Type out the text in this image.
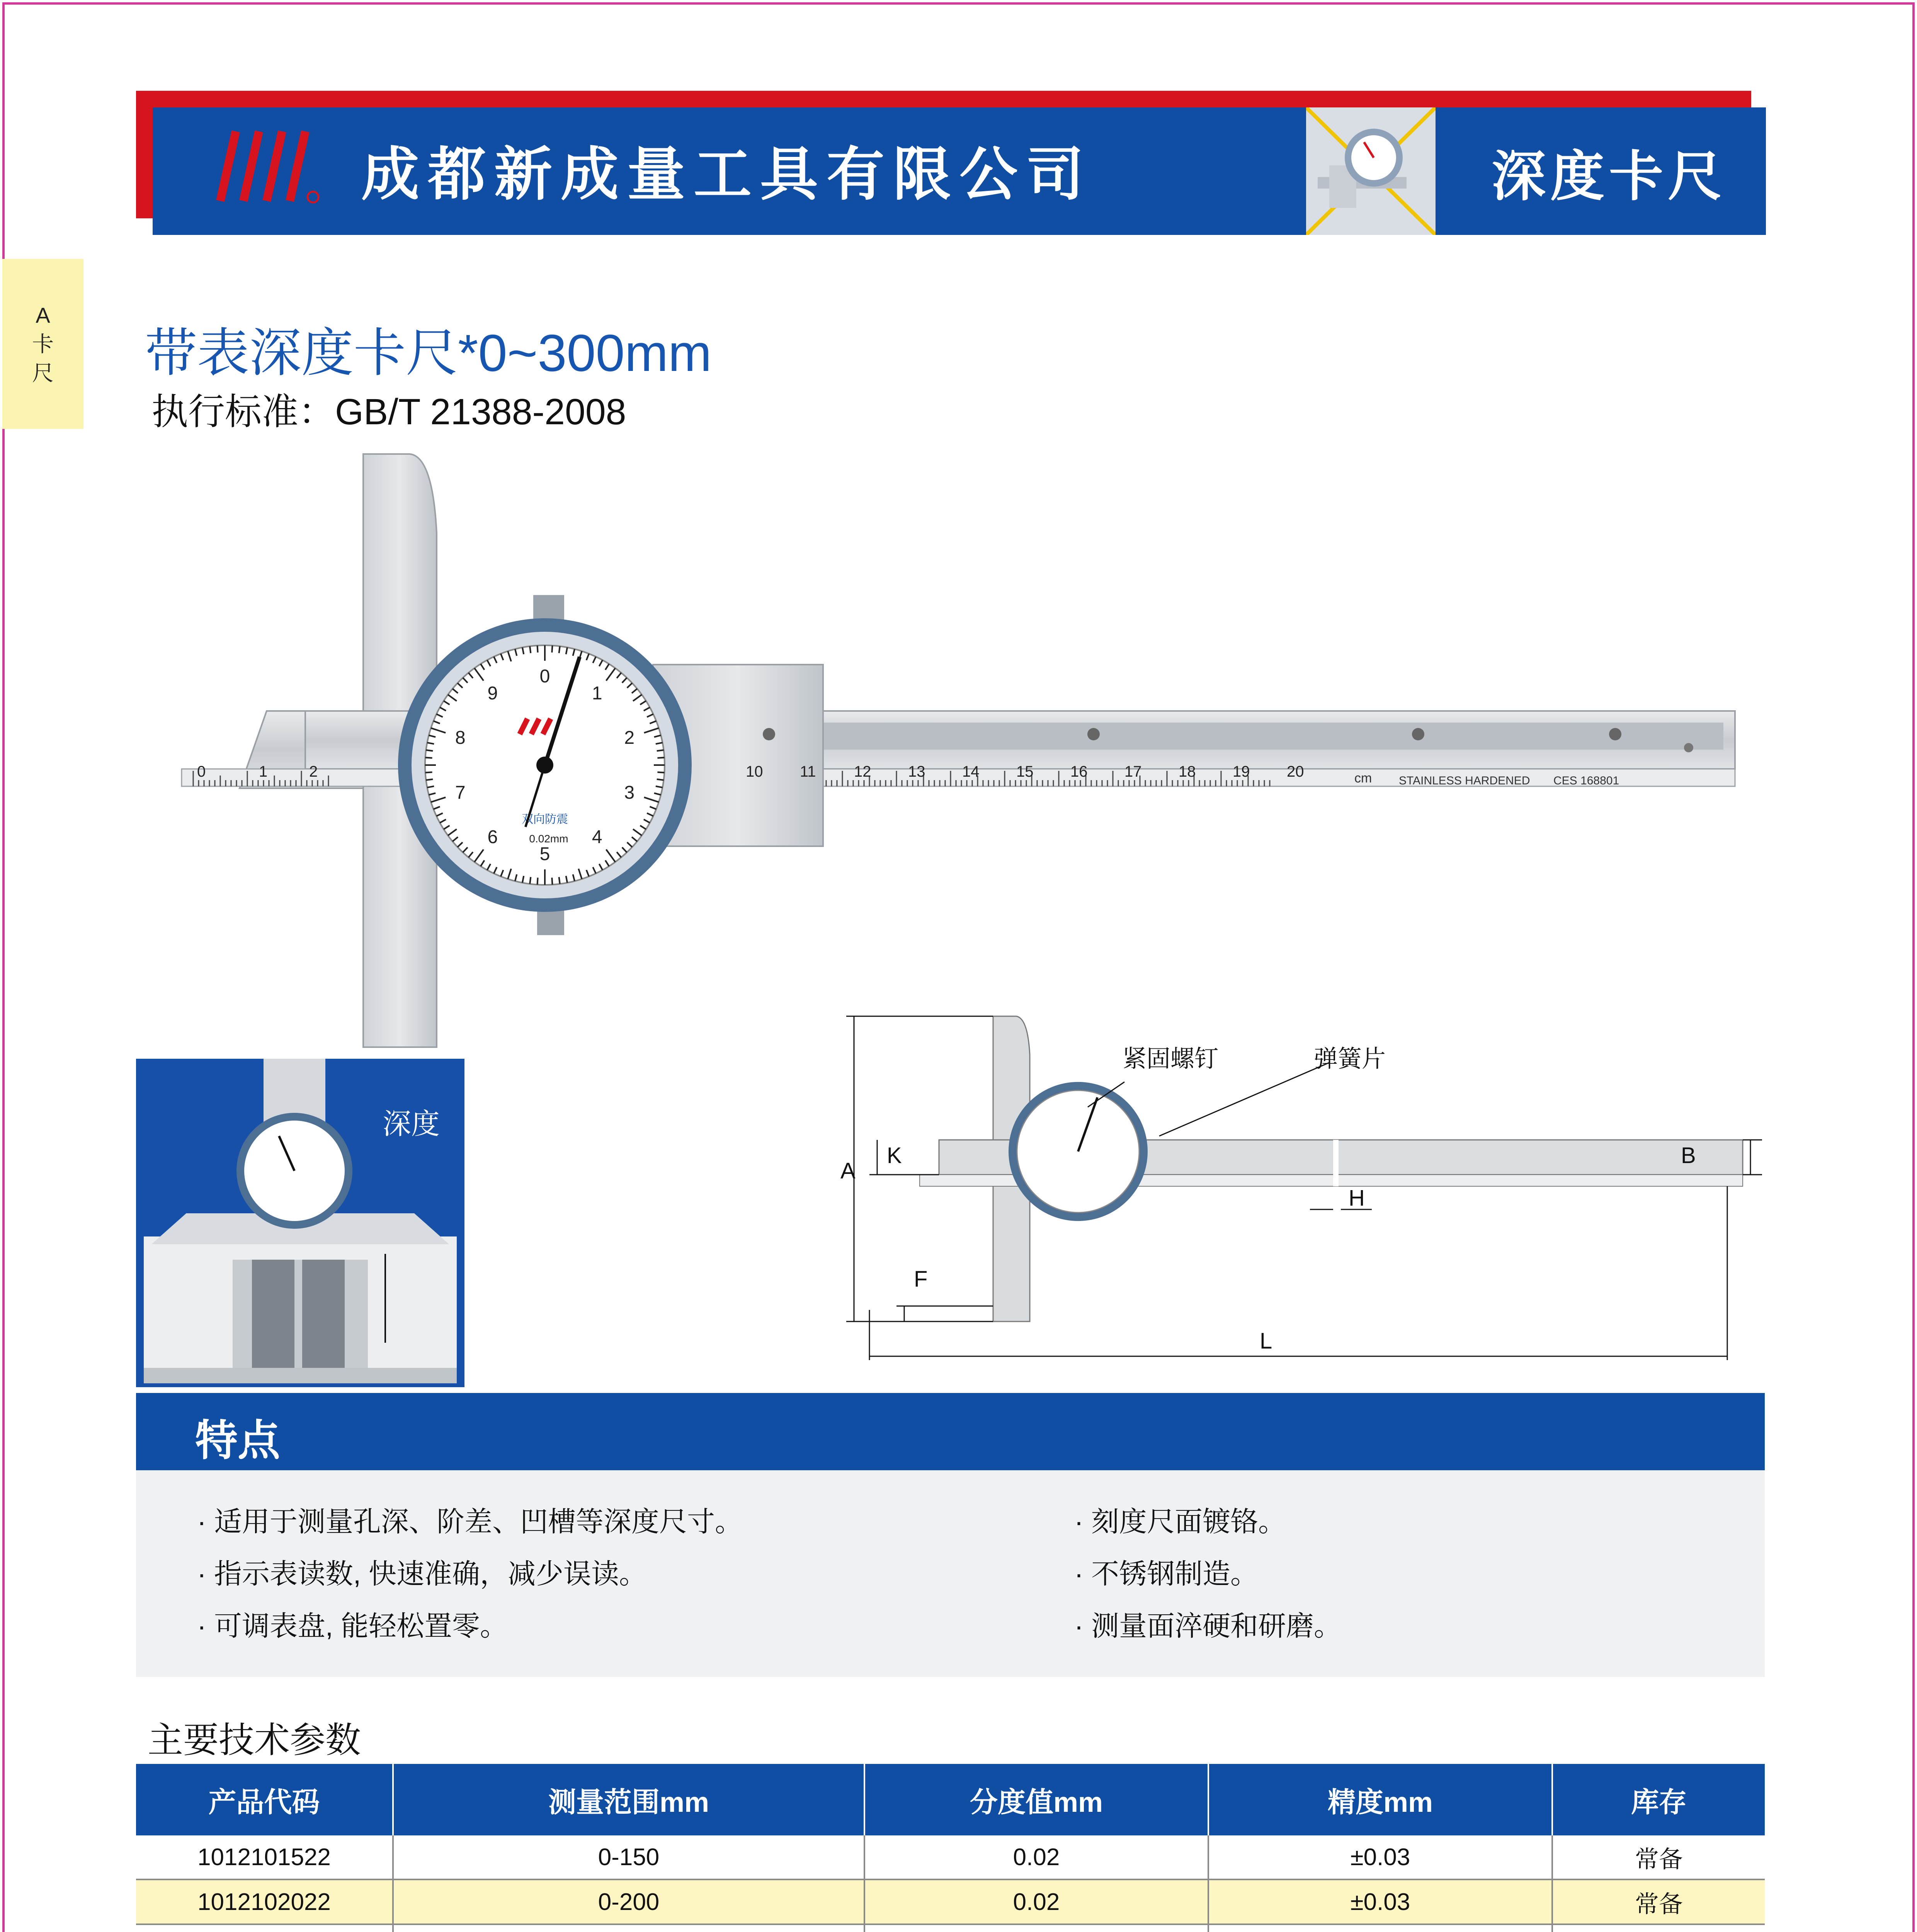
成都新成量工具有限公司	深度卡尺
A
卡
尺 带表深度卡尺*0~300mm
执行标准：GB/T 21388-2008
0
1
2
3
4
5
6
7
8
9
双向防震
0.02mm
STAINLESS HARDENED CES 168801
cm
0	1	2	10 11 12 13 14 15 16 17 18 19 20
深度
A
K
F
L
H
B
紧固螺钉	弹簧片
特点
· 适用于测量孔深、阶差、凹槽等深度尺寸。
· 指示表读数, 快速准确，减少误读。
· 可调表盘, 能轻松置零。
· 刻度尺面镀铬。
· 不锈钢制造。
· 测量面淬硬和研磨。
主要技术参数
产品代码	测量范围mm	分度值mm	精度mm	库存
1012101522	0-150	0.02	±0.03	常备
1012102022	0-200	0.02	±0.03	常备
